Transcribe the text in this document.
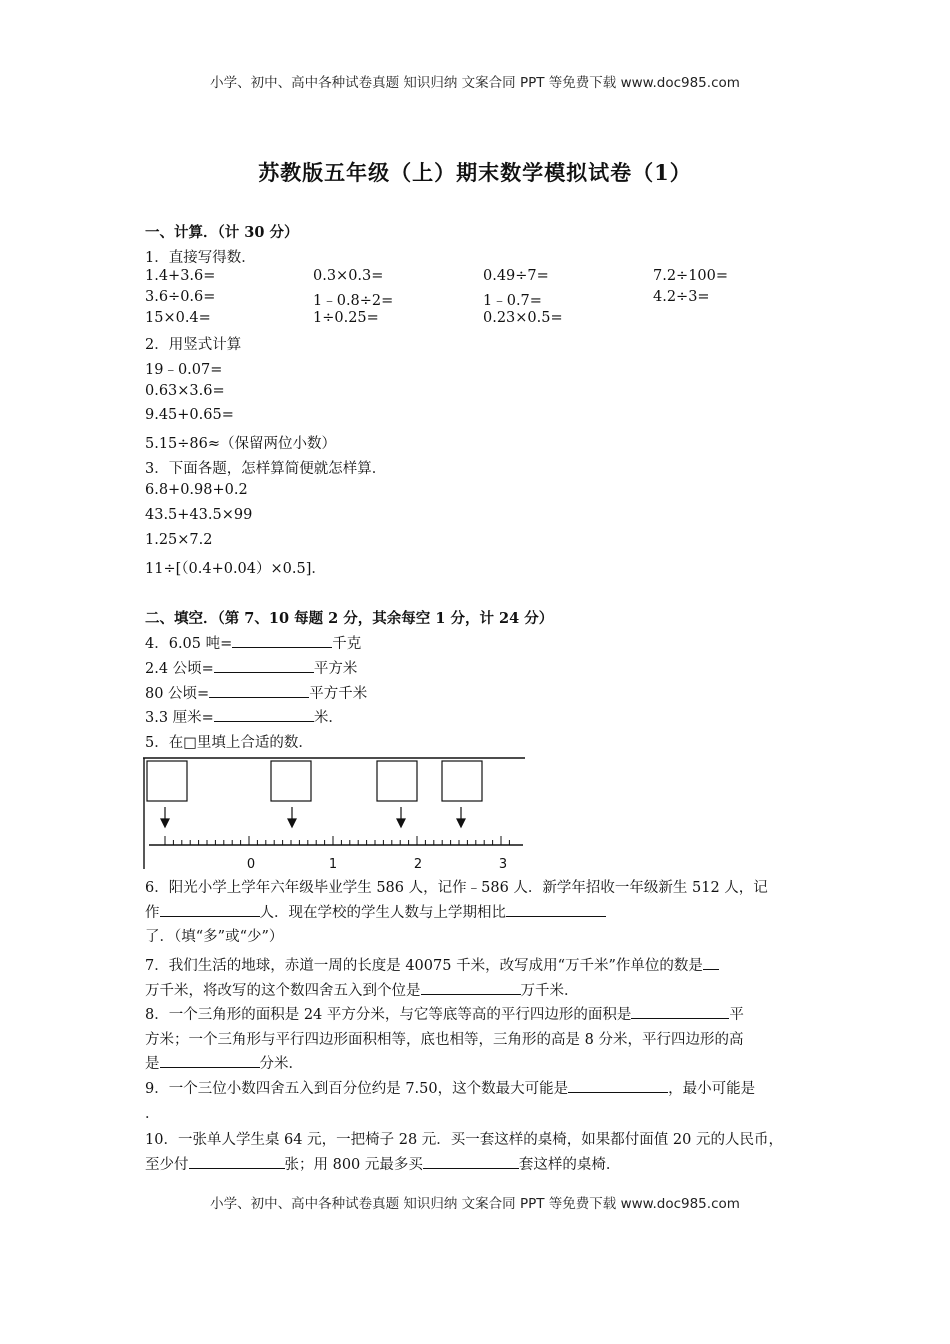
小学、初中、高中各种试卷真题 知识归纳 文案合同 PPT 等免费下载 www.doc985.com
苏教版五年级（上）期末数学模拟试卷（1）
一、计算．（计 30 分）
1．直接写得数．
1.4+3.6=	0.3×0.3=	0.49÷7=	7.2÷100=
3.6÷0.6=	1﹣0.8÷2=	1﹣0.7=	4.2÷3=
15×0.4=	1÷0.25=	0.23×0.5=
2．用竖式计算
19﹣0.07=
0.63×3.6=
9.45+0.65=
5.15÷86≈（保留两位小数）
3．下面各题，怎样算简便就怎样算．
6.8+0.98+0.2
43.5+43.5×99
1.25×7.2
11÷[（0.4+0.04）×0.5]．
二、填空．（第 7、10 每题 2 分，其余每空 1 分，计 24 分）
4．6.05 吨=	千克
2.4 公顷=	平方米
80 公顷=	平方千米
3.3 厘米=	米．
5．在□里填上合适的数．
0	1	2	3
6．阳光小学上学年六年级毕业学生 586 人，记作﹣586 人．新学年招收一年级新生 512 人，记
作	人．现在学校的学生人数与上学期相比
了．（填“多”或“少”）
7．我们生活的地球，赤道一周的长度是 40075 千米，改写成用“万千米”作单位的数是
万千米，将改写的这个数四舍五入到个位是	万千米．
8．一个三角形的面积是 24 平方分米，与它等底等高的平行四边形的面积是	平
方米；一个三角形与平行四边形面积相等，底也相等，三角形的高是 8 分米，平行四边形的高
是	分米．
9．一个三位小数四舍五入到百分位约是 7.50，这个数最大可能是	，最小可能是
．
10．一张单人学生桌 64 元，一把椅子 28 元．买一套这样的桌椅，如果都付面值 20 元的人民币，
至少付	张；用 800 元最多买	套这样的桌椅．
小学、初中、高中各种试卷真题 知识归纳 文案合同 PPT 等免费下载 www.doc985.com
